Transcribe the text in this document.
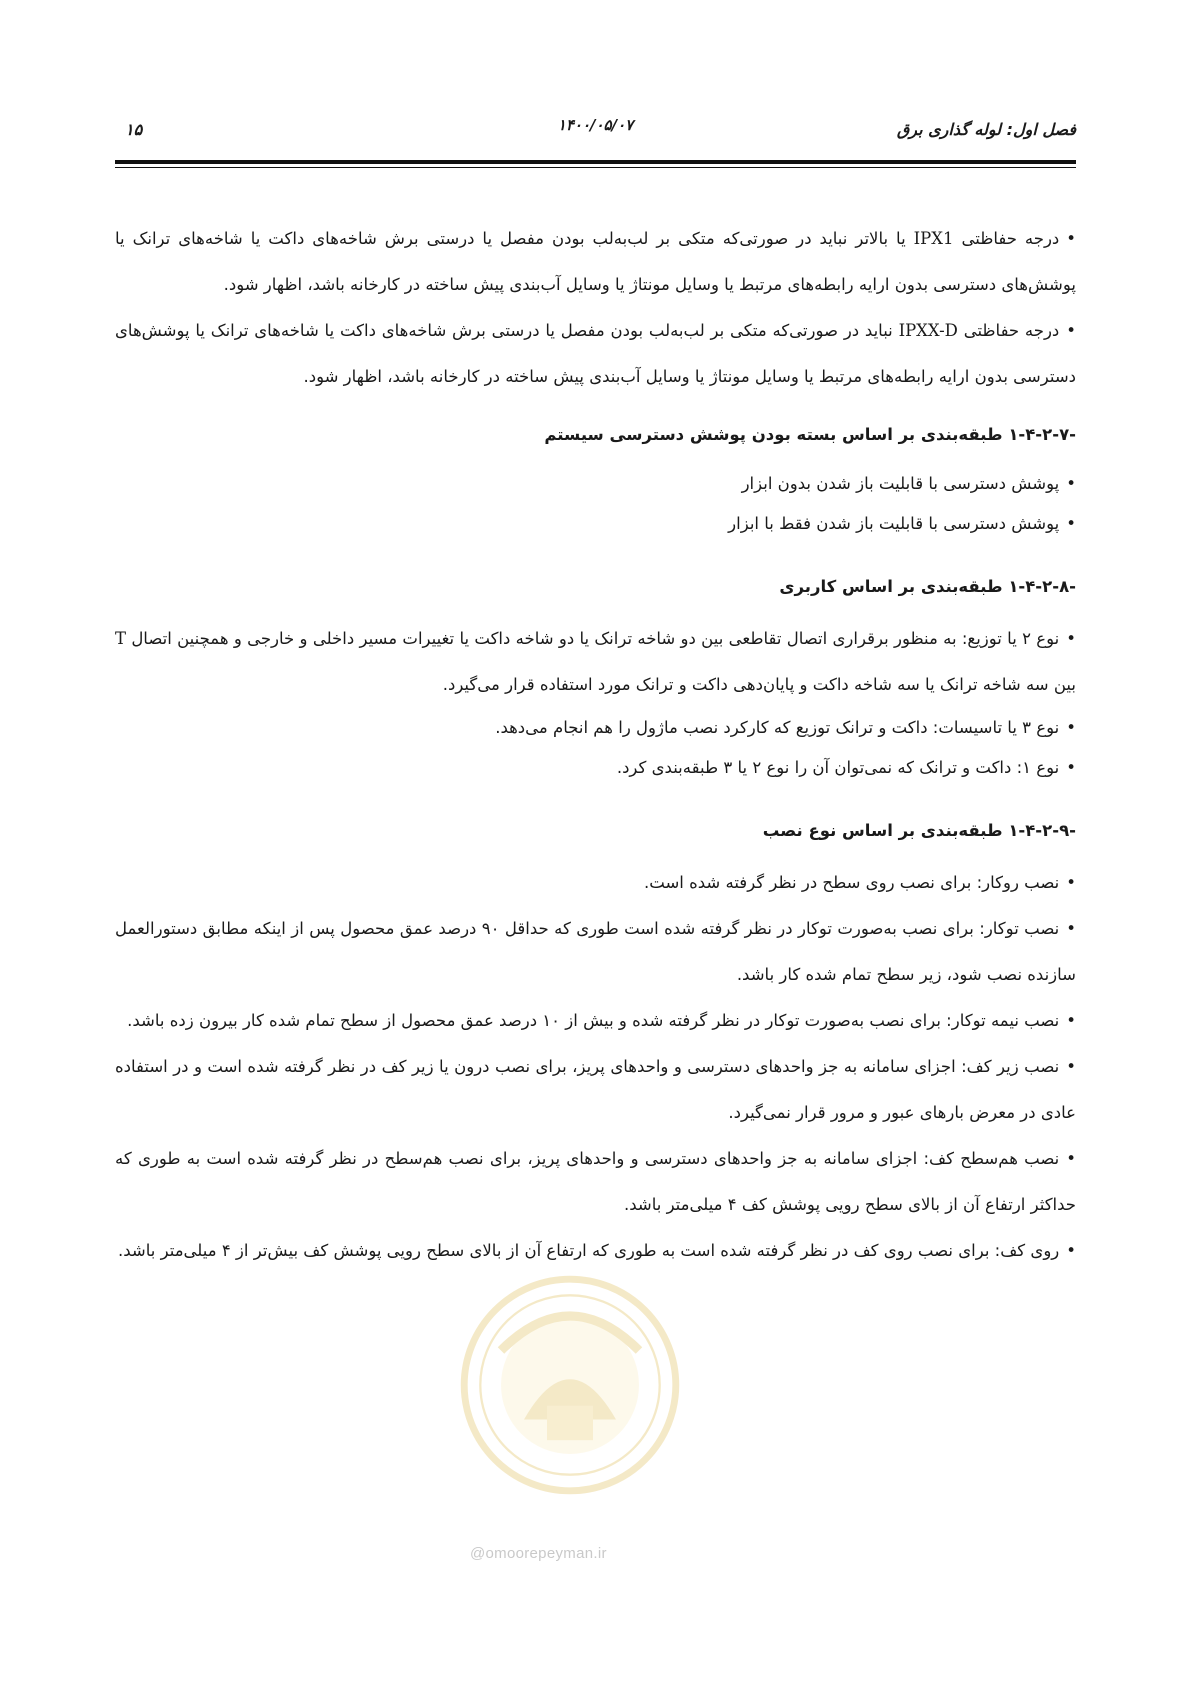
فصل اول: لوله گذاری برق
۱۴۰۰/۰۵/۰۷
۱۵

• درجه حفاظتی IPX1 یا بالاتر نباید در صورتی‌که متکی بر لب‌به‌لب بودن مفصل یا درستی برش شاخه‌های داکت یا شاخه‌های ترانک یا پوشش‌های دسترسی بدون ارایه رابطه‌های مرتبط یا وسایل مونتاژ یا وسایل آب‌بندی پیش ساخته در کارخانه باشد، اظهار شود.

• درجه حفاظتی IPXX-D نباید در صورتی‌که متکی بر لب‌به‌لب بودن مفصل یا درستی برش شاخه‌های داکت یا شاخه‌های ترانک یا پوشش‌های دسترسی بدون ارایه رابطه‌های مرتبط یا وسایل مونتاژ یا وسایل آب‌بندی پیش ساخته در کارخانه باشد، اظهار شود.

۱-۴-۲-۷- طبقه‌بندی بر اساس بسته بودن پوشش دسترسی سیستم

• پوشش دسترسی با قابلیت باز شدن بدون ابزار

• پوشش دسترسی با قابلیت باز شدن فقط با ابزار

۱-۴-۲-۸- طبقه‌بندی بر اساس کاربری

• نوع ۲ یا توزیع: به منظور برقراری اتصال تقاطعی بین دو شاخه ترانک یا دو شاخه داکت یا تغییرات مسیر داخلی و خارجی و همچنین اتصال T بین سه شاخه ترانک یا سه شاخه داکت و پایان‌دهی داکت و ترانک مورد استفاده قرار می‌گیرد.

• نوع ۳ یا تاسیسات: داکت و ترانک توزیع که کارکرد نصب ماژول را هم انجام می‌دهد.

• نوع ۱: داکت و ترانک که نمی‌توان آن را نوع ۲ یا ۳ طبقه‌بندی کرد.

۱-۴-۲-۹- طبقه‌بندی بر اساس نوع نصب

• نصب روکار: برای نصب روی سطح در نظر گرفته شده است.

• نصب توکار: برای نصب به‌صورت توکار در نظر گرفته شده است طوری که حداقل ۹۰ درصد عمق محصول پس از اینکه مطابق دستورالعمل سازنده نصب شود، زیر سطح تمام شده کار باشد.

• نصب نیمه توکار: برای نصب به‌صورت توکار در نظر گرفته شده و بیش از ۱۰ درصد عمق محصول از سطح تمام شده کار بیرون زده باشد.

• نصب زیر کف: اجزای سامانه به جز واحدهای دسترسی و واحدهای پریز، برای نصب درون یا زیر کف در نظر گرفته شده است و در استفاده عادی در معرض بارهای عبور و مرور قرار نمی‌گیرد.

• نصب هم‌سطح کف: اجزای سامانه به جز واحدهای دسترسی و واحدهای پریز، برای نصب هم‌سطح در نظر گرفته شده است به طوری که حداکثر ارتفاع آن از بالای سطح رویی پوشش کف ۴ میلی‌متر باشد.

• روی کف: برای نصب روی کف در نظر گرفته شده است به طوری که ارتفاع آن از بالای سطح رویی پوشش کف بیش‌تر از ۴ میلی‌متر باشد.

@omoorepeyman.ir
